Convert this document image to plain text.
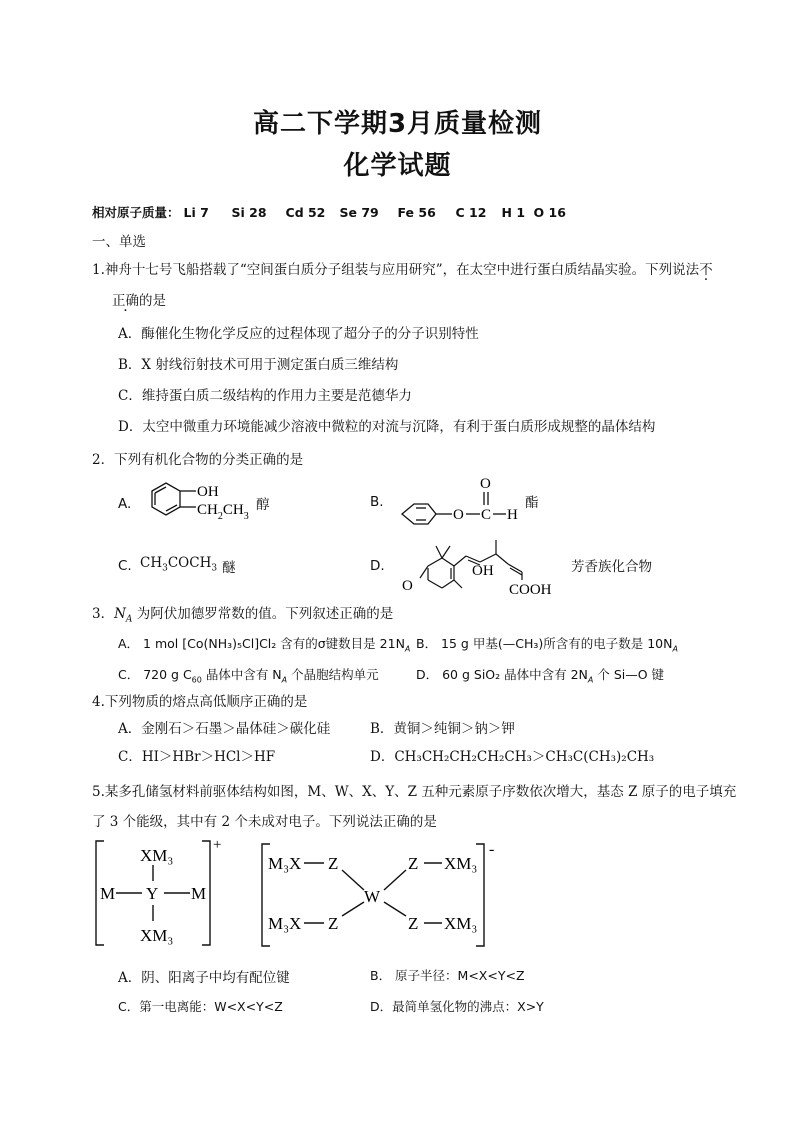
高二下学期3月质量检测
化学试题
相对原子质量： Li 7 Si 28 Cd 52 Se 79 Fe 56 C 12 H 1 O 16
一、单选
1.神舟十七号飞船搭载了“空间蛋白质分子组装与应用研究”，在太空中进行蛋白质结晶实验。下列说法不
正确的是
A．酶催化生物化学反应的过程体现了超分子的分子识别特性
B．X 射线衍射技术可用于测定蛋白质三维结构
C．维持蛋白质二级结构的作用力主要是范德华力
D．太空中微重力环境能减少溶液中微粒的对流与沉降，有利于蛋白质形成规整的晶体结构
2．下列有机化合物的分类正确的是
A.
OH
$CH_2CH_3$
醇	B.
O
O
C H
酯
C. $CH_3COCH_3$ 醚	D.
O
OH
COOH
芳香族化合物
3．$N_A$ 为阿伏加德罗常数的值。下列叙述正确的是
A． 1 mol [Co(NH₃)₅Cl]Cl₂ 含有的σ键数目是 $21N_A$ B． 15 g 甲基(—CH₃)所含有的电子数是 $10N_A$
C． 720 g $C_{60}$ 晶体中含有 $N_A$ 个晶胞结构单元	D． 60 g SiO₂ 晶体中含有 $2N_A$ 个 Si—O 键
4.下列物质的熔点高低顺序正确的是
A．金刚石＞石墨＞晶体硅＞碳化硅	B．黄铜＞纯铜＞钠＞钾
C．HI＞HBr＞HCl＞HF	D．CH₃CH₂CH₂CH₂CH₃＞CH₃C(CH₃)₂CH₃
5.某多孔储氢材料前驱体结构如图，M、W、X、Y、Z 五种元素原子序数依次增大，基态 Z 原子的电子填充
了 3 个能级，其中有 2 个未成对电子。下列说法正确的是
XM₃
M Y M
XM₃
+
M₃X Z	Z XM₃
W
M₃X Z	Z XM₃
-
A．阴、阳离子中均有配位键	B． 原子半径：M<X<Y<Z
C．第一电离能：W<X<Y<Z	D．最简单氢化物的沸点：X>Y
